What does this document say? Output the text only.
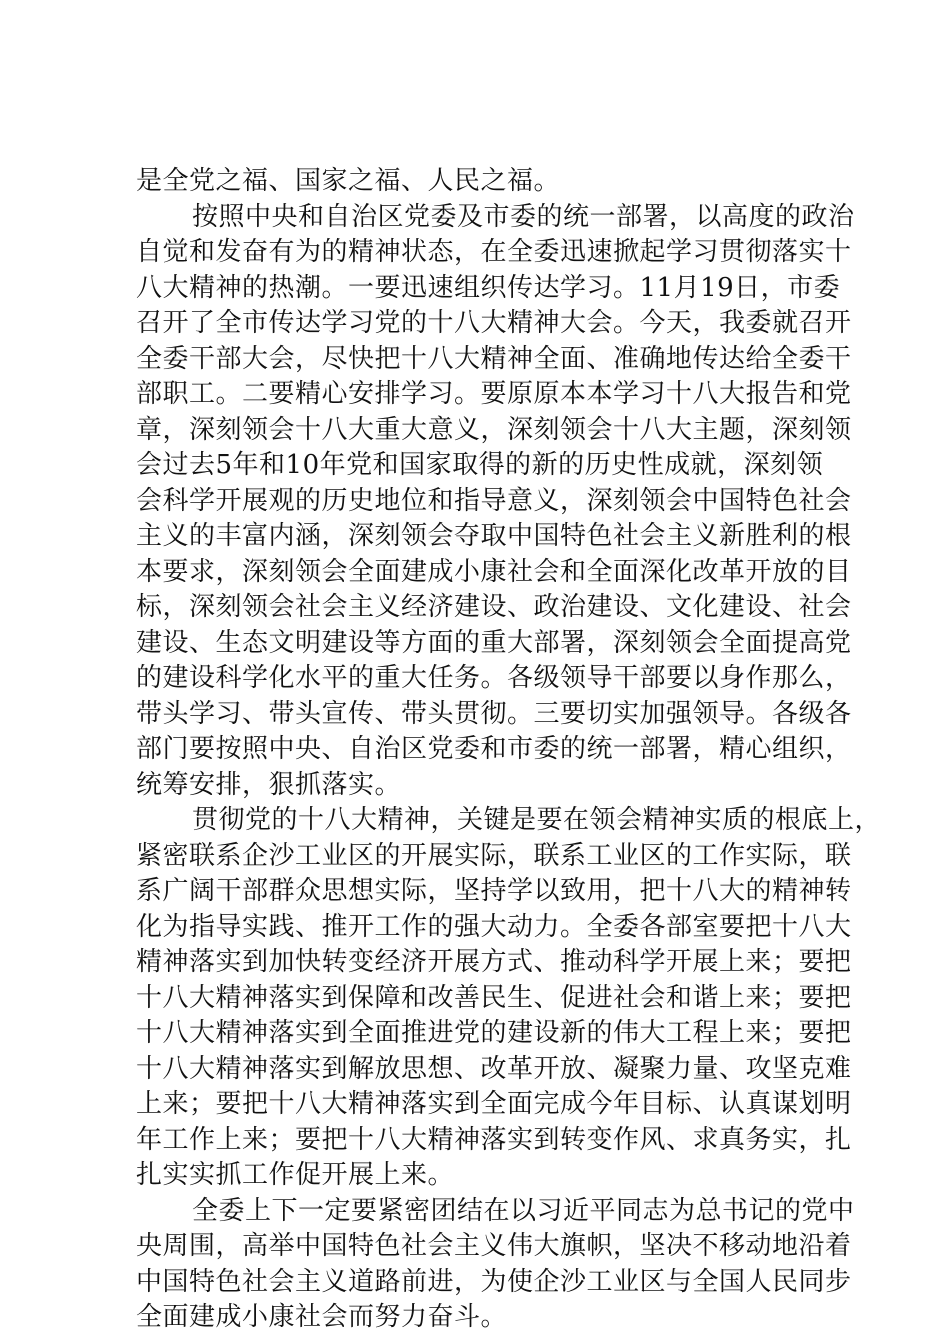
是全党之福、国家之福、人民之福。
按照中央和自治区党委及市委的统一部署，以高度的政治
自觉和发奋有为的精神状态，在全委迅速掀起学习贯彻落实十
八大精神的热潮。一要迅速组织传达学习。11月19日，市委
召开了全市传达学习党的十八大精神大会。今天，我委就召开
全委干部大会，尽快把十八大精神全面、准确地传达给全委干
部职工。二要精心安排学习。要原原本本学习十八大报告和党
章，深刻领会十八大重大意义，深刻领会十八大主题，深刻领
会过去5年和10年党和国家取得的新的历史性成就，深刻领
会科学开展观的历史地位和指导意义，深刻领会中国特色社会
主义的丰富内涵，深刻领会夺取中国特色社会主义新胜利的根
本要求，深刻领会全面建成小康社会和全面深化改革开放的目
标，深刻领会社会主义经济建设、政治建设、文化建设、社会
建设、生态文明建设等方面的重大部署，深刻领会全面提高党
的建设科学化水平的重大任务。各级领导干部要以身作那么，
带头学习、带头宣传、带头贯彻。三要切实加强领导。各级各
部门要按照中央、自治区党委和市委的统一部署，精心组织，
统筹安排，狠抓落实。
贯彻党的十八大精神，关键是要在领会精神实质的根底上，
紧密联系企沙工业区的开展实际，联系工业区的工作实际，联
系广阔干部群众思想实际，坚持学以致用，把十八大的精神转
化为指导实践、推开工作的强大动力。全委各部室要把十八大
精神落实到加快转变经济开展方式、推动科学开展上来；要把
十八大精神落实到保障和改善民生、促进社会和谐上来；要把
十八大精神落实到全面推进党的建设新的伟大工程上来；要把
十八大精神落实到解放思想、改革开放、凝聚力量、攻坚克难
上来；要把十八大精神落实到全面完成今年目标、认真谋划明
年工作上来；要把十八大精神落实到转变作风、求真务实，扎
扎实实抓工作促开展上来。
全委上下一定要紧密团结在以习近平同志为总书记的党中
央周围，高举中国特色社会主义伟大旗帜，坚决不移动地沿着
中国特色社会主义道路前进，为使企沙工业区与全国人民同步
全面建成小康社会而努力奋斗。
